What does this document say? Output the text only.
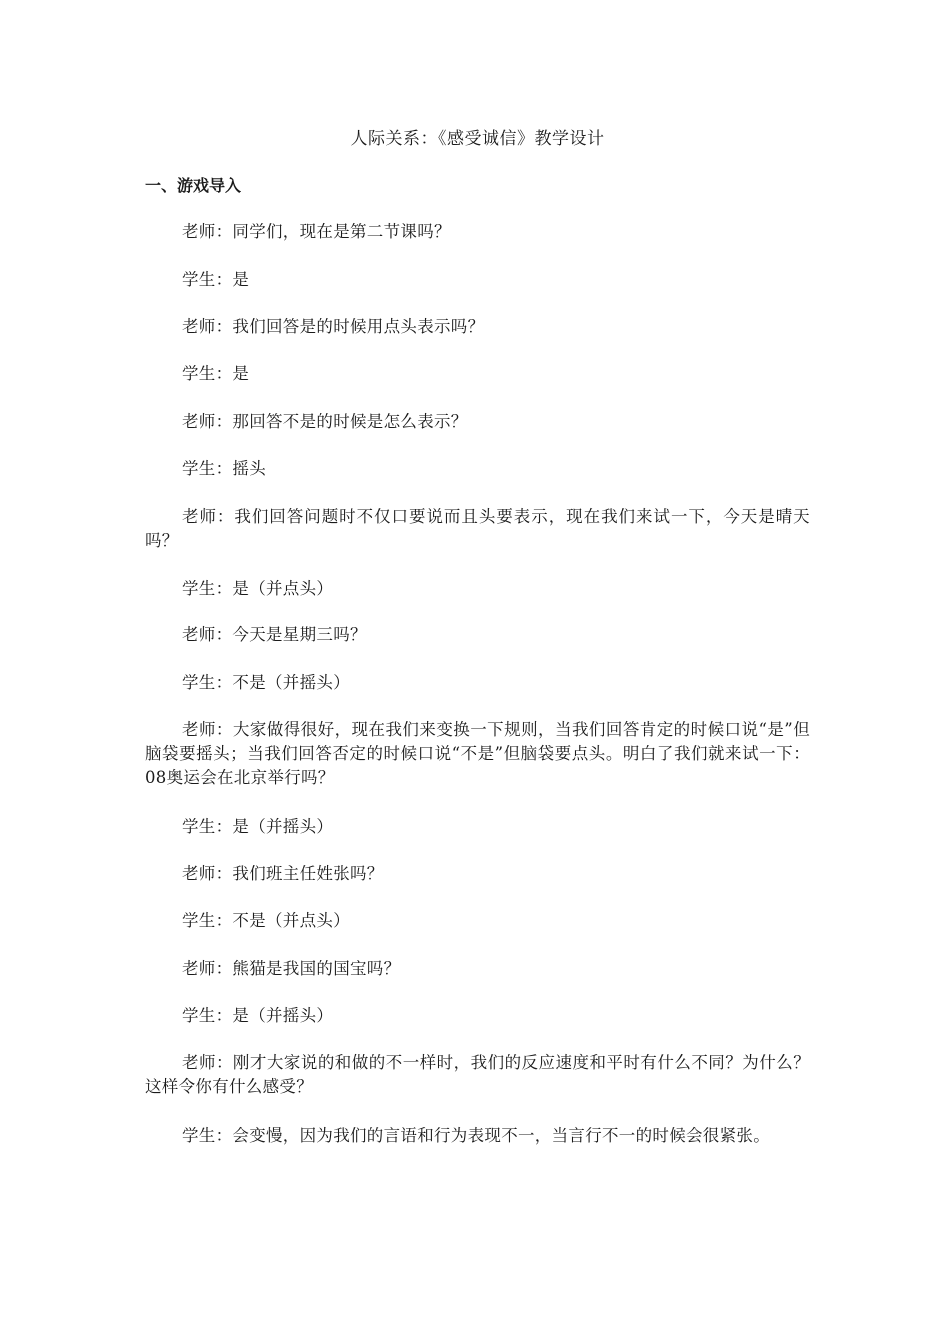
人际关系：《感受诚信》教学设计
一、游戏导入

老师：同学们，现在是第二节课吗？

学生：是

老师：我们回答是的时候用点头表示吗？

学生：是

老师：那回答不是的时候是怎么表示？

学生：摇头

老师：我们回答问题时不仅口要说而且头要表示，现在我们来试一下，今天是晴天吗？

学生：是（并点头）

老师：今天是星期三吗？

学生：不是（并摇头）

老师：大家做得很好，现在我们来变换一下规则，当我们回答肯定的时候口说“是”但脑袋要摇头；当我们回答否定的时候口说“不是”但脑袋要点头。明白了我们就来试一下： 08奥运会在北京举行吗？

学生：是（并摇头）

老师：我们班主任姓张吗？

学生：不是（并点头）

老师：熊猫是我国的国宝吗？

学生：是（并摇头）

老师：刚才大家说的和做的不一样时，我们的反应速度和平时有什么不同？为什么？这样令你有什么感受？

学生：会变慢，因为我们的言语和行为表现不一，当言行不一的时候会很紧张。
